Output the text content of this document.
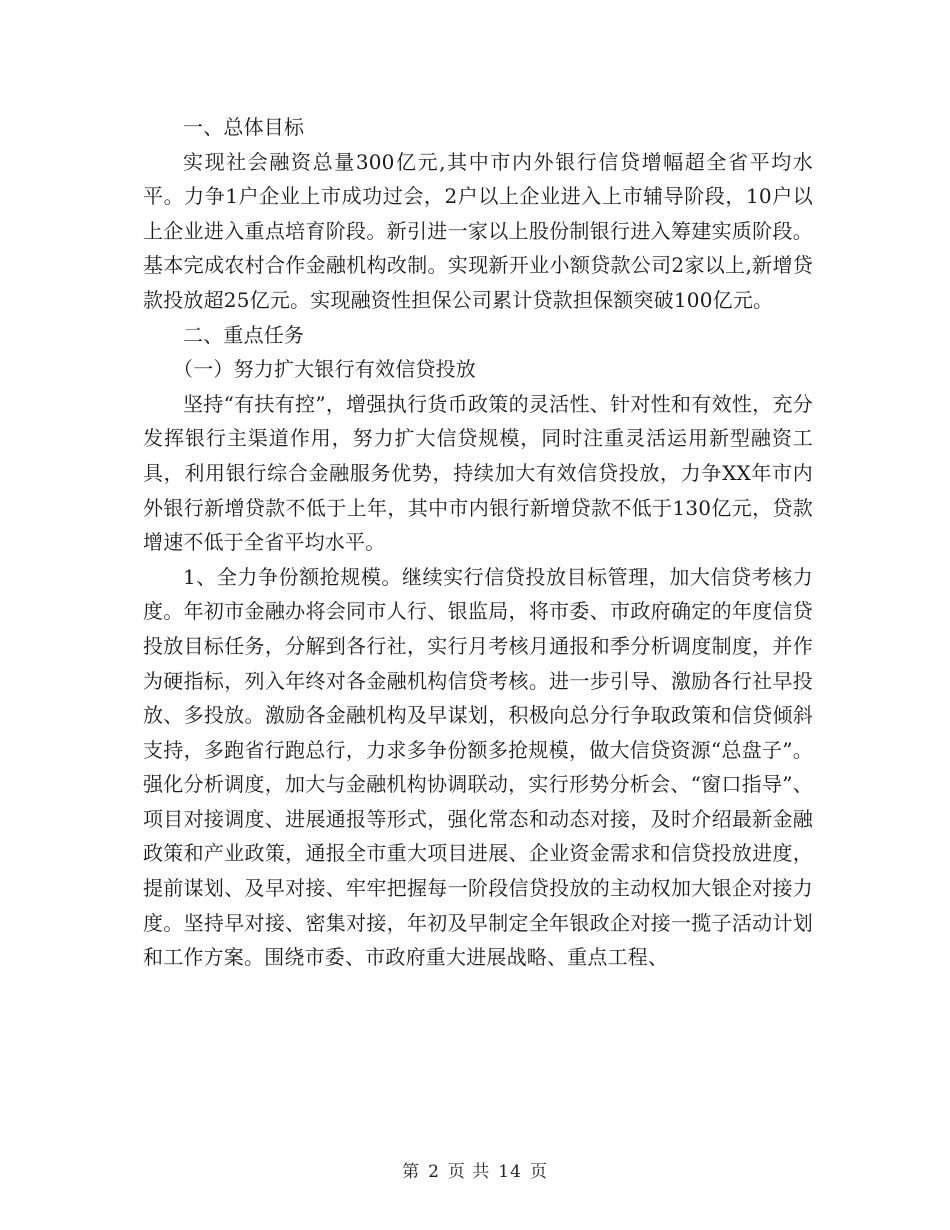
一、总体目标

实现社会融资总量300亿元,其中市内外银行信贷增幅超全省平均水平。力争1户企业上市成功过会，2户以上企业进入上市辅导阶段，10户以上企业进入重点培育阶段。新引进一家以上股份制银行进入筹建实质阶段。基本完成农村合作金融机构改制。实现新开业小额贷款公司2家以上,新增贷款投放超25亿元。实现融资性担保公司累计贷款担保额突破100亿元。

二、重点任务

（一）努力扩大银行有效信贷投放

坚持“有扶有控”，增强执行货币政策的灵活性、针对性和有效性，充分发挥银行主渠道作用，努力扩大信贷规模，同时注重灵活运用新型融资工具，利用银行综合金融服务优势，持续加大有效信贷投放，力争XX年市内外银行新增贷款不低于上年，其中市内银行新增贷款不低于130亿元，贷款增速不低于全省平均水平。

1、全力争份额抢规模。继续实行信贷投放目标管理，加大信贷考核力度。年初市金融办将会同市人行、银监局，将市委、市政府确定的年度信贷投放目标任务，分解到各行社，实行月考核月通报和季分析调度制度，并作为硬指标，列入年终对各金融机构信贷考核。进一步引导、激励各行社早投放、多投放。激励各金融机构及早谋划，积极向总分行争取政策和信贷倾斜支持，多跑省行跑总行，力求多争份额多抢规模，做大信贷资源“总盘子”。强化分析调度，加大与金融机构协调联动，实行形势分析会、“窗口指导”、项目对接调度、进展通报等形式，强化常态和动态对接，及时介绍最新金融政策和产业政策，通报全市重大项目进展、企业资金需求和信贷投放进度，提前谋划、及早对接、牢牢把握每一阶段信贷投放的主动权加大银企对接力度。坚持早对接、密集对接，年初及早制定全年银政企对接一揽子活动计划和工作方案。围绕市委、市政府重大进展战略、重点工程、

第 2 页 共 14 页
